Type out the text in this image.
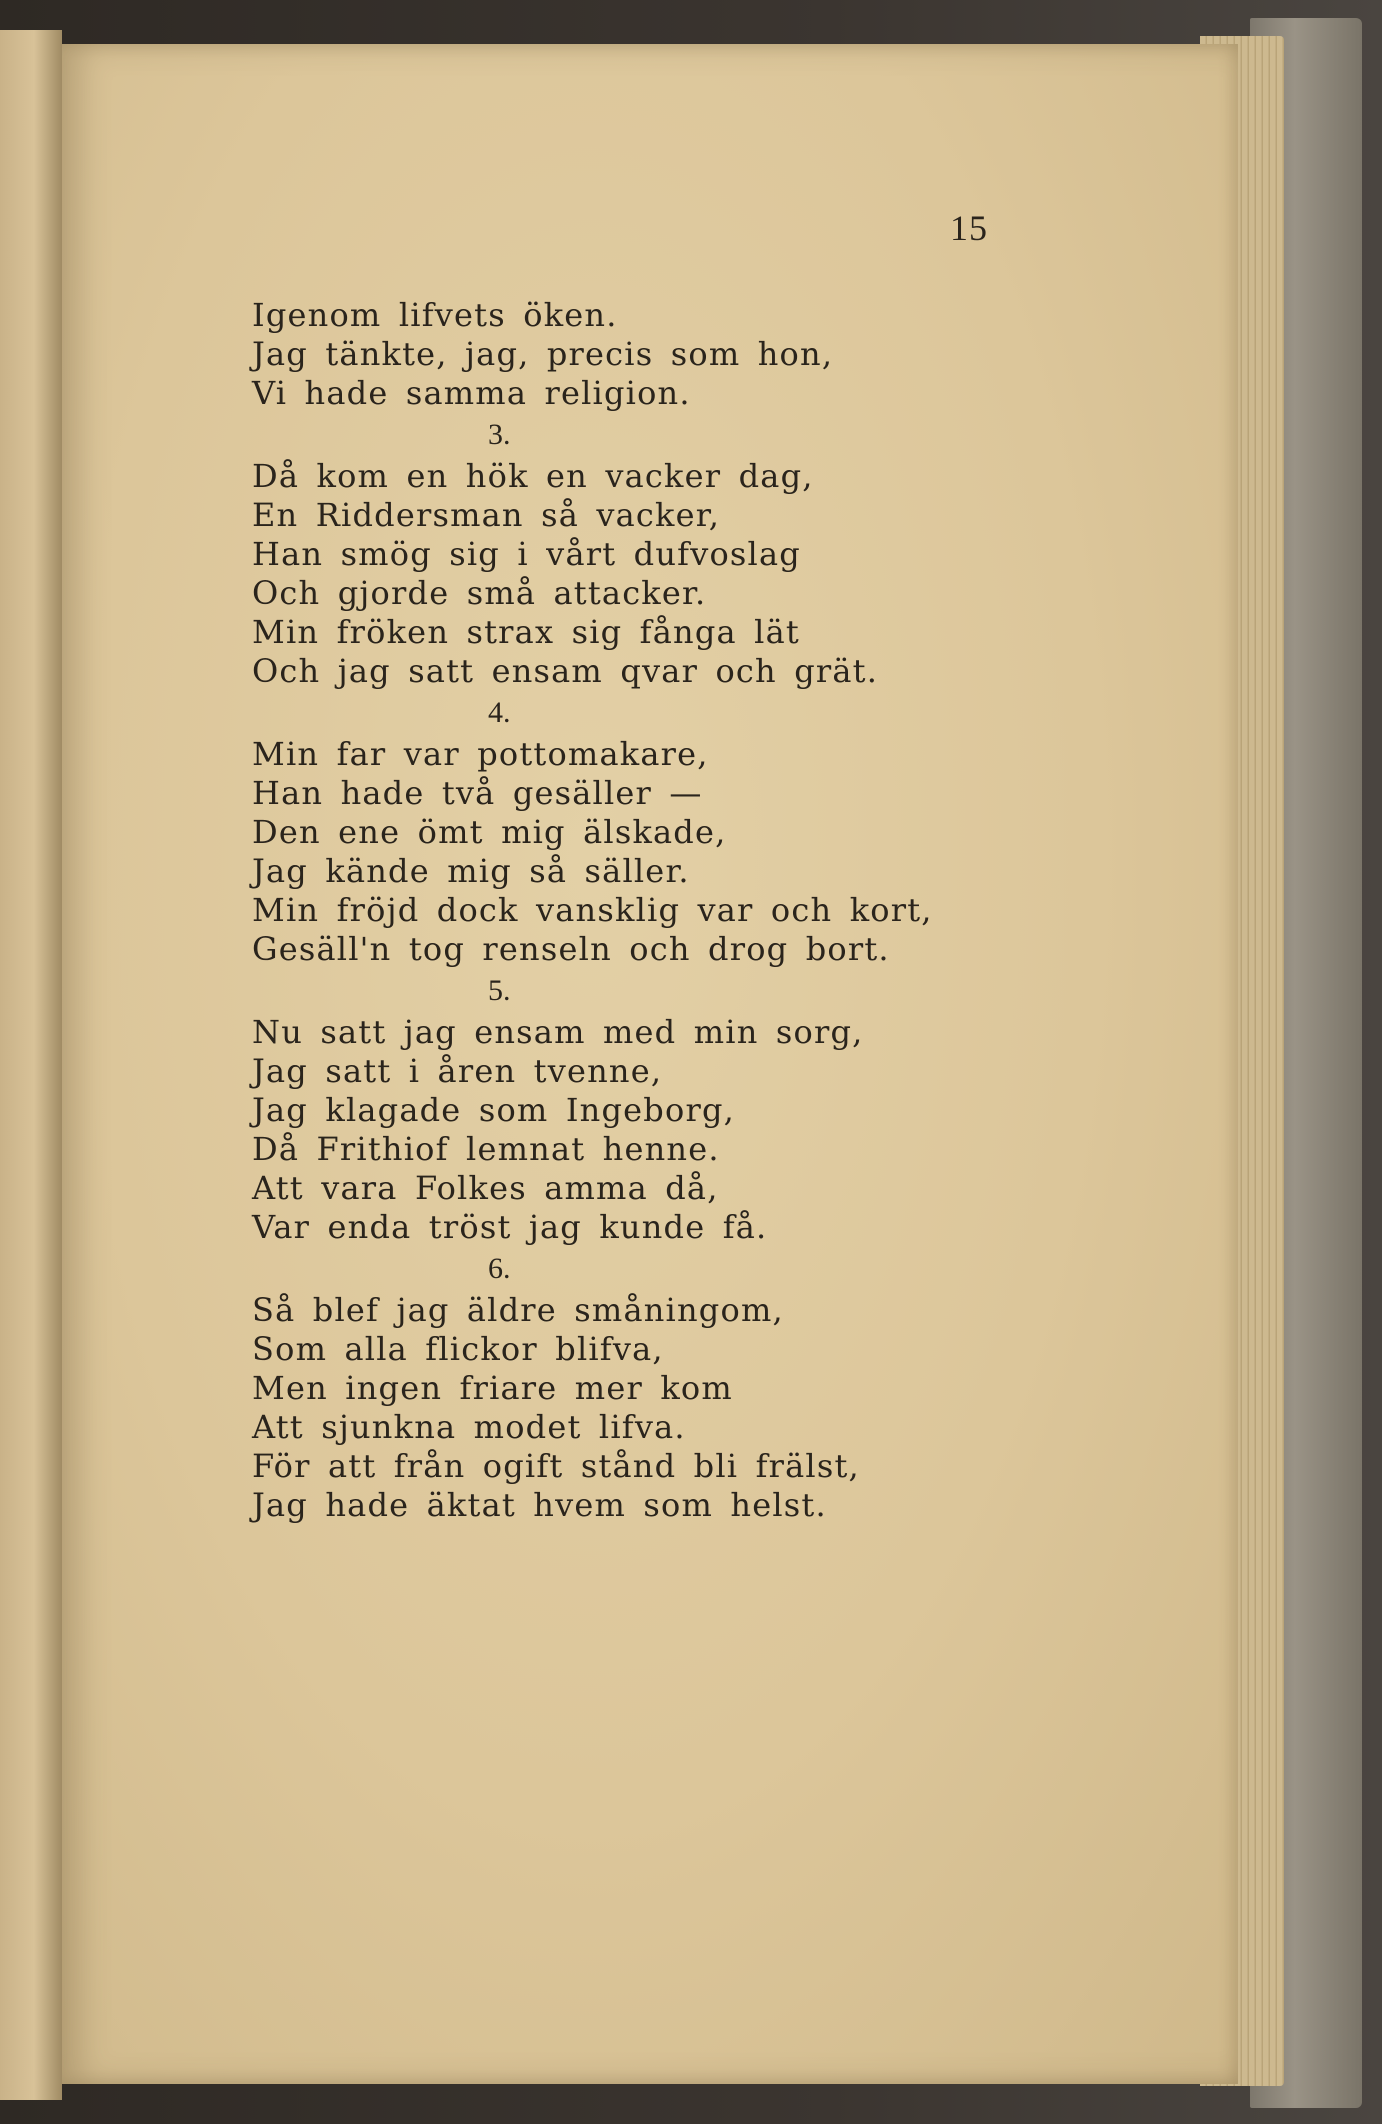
15

Igenom lifvets öken.

Jag tänkte, jag, precis som hon,

Vi hade samma religion.

3.

Då kom en hök en vacker dag,

En Riddersman så vacker,

Han smög sig i vårt dufvoslag

Och gjorde små attacker.

Min fröken strax sig fånga lät

Och jag satt ensam qvar och grät.

4.

Min far var pottomakare,

Han hade två gesäller —

Den ene ömt mig älskade,

Jag kände mig så säller.

Min fröjd dock vansklig var och kort,

Gesäll'n tog renseln och drog bort.

5.

Nu satt jag ensam med min sorg,

Jag satt i åren tvenne,

Jag klagade som Ingeborg,

Då Frithiof lemnat henne.

Att vara Folkes amma då,

Var enda tröst jag kunde få.

6.

Så blef jag äldre småningom,

Som alla flickor blifva,

Men ingen friare mer kom

Att sjunkna modet lifva.

För att från ogift stånd bli frälst,

Jag hade äktat hvem som helst.
